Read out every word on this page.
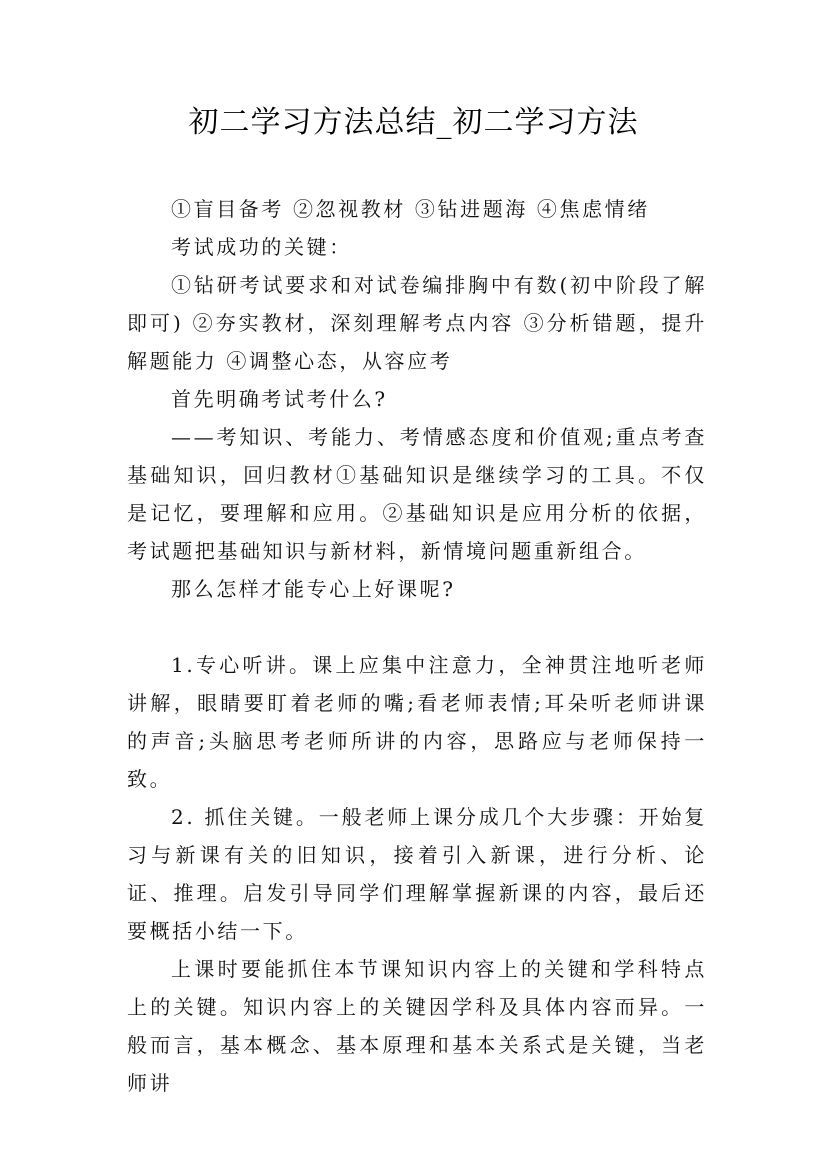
初二学习方法总结_初二学习方法

①盲目备考 ②忽视教材 ③钻进题海 ④焦虑情绪

考试成功的关键：

①钻研考试要求和对试卷编排胸中有数(初中阶段了解即可) ②夯实教材，深刻理解考点内容 ③分析错题，提升解题能力 ④调整心态，从容应考

首先明确考试考什么?

——考知识、考能力、考情感态度和价值观;重点考查基础知识，回归教材①基础知识是继续学习的工具。不仅是记忆，要理解和应用。②基础知识是应用分析的依据，考试题把基础知识与新材料，新情境问题重新组合。

那么怎样才能专心上好课呢?

1.专心听讲。课上应集中注意力，全神贯注地听老师讲解，眼睛要盯着老师的嘴;看老师表情;耳朵听老师讲课的声音;头脑思考老师所讲的内容，思路应与老师保持一致。

2. 抓住关键。一般老师上课分成几个大步骤：开始复习与新课有关的旧知识，接着引入新课，进行分析、论证、推理。启发引导同学们理解掌握新课的内容，最后还要概括小结一下。

上课时要能抓住本节课知识内容上的关键和学科特点上的关键。知识内容上的关键因学科及具体内容而异。一般而言，基本概念、基本原理和基本关系式是关键，当老师讲
